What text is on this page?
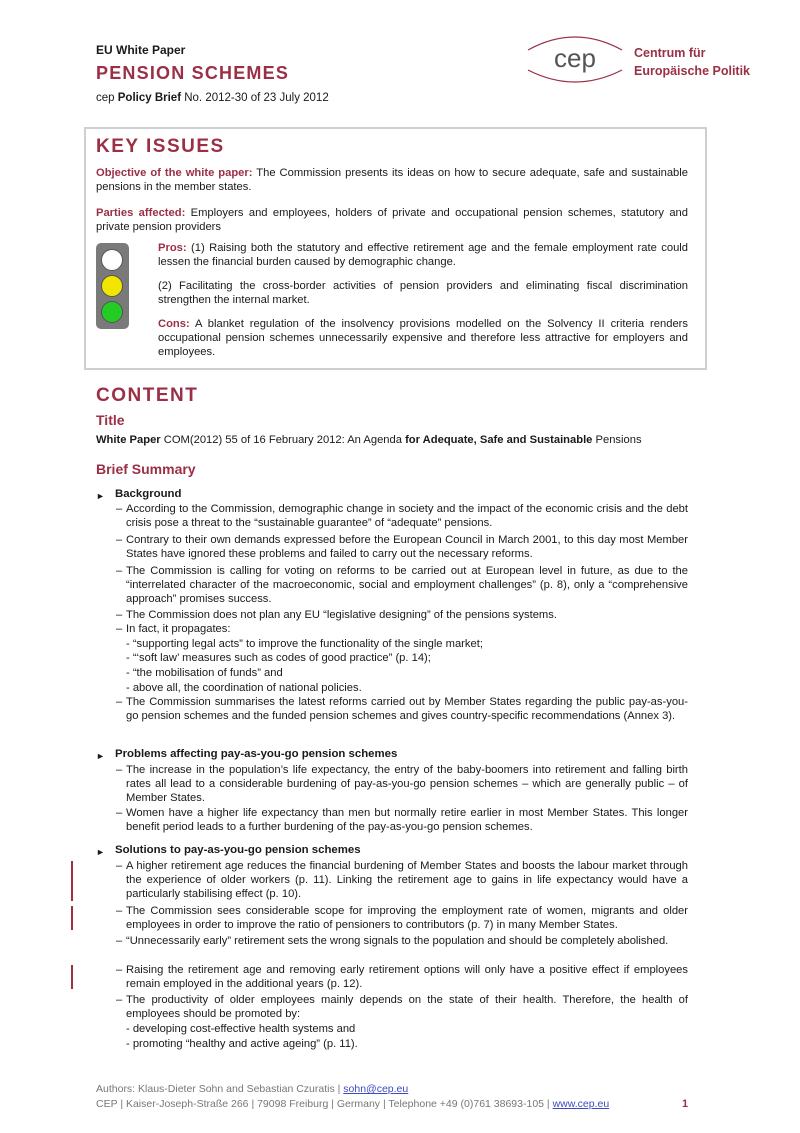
EU White Paper
PENSION SCHEMES
cep Policy Brief No. 2012-30 of 23 July 2012
cep	Centrum für
Europäische Politik
KEY ISSUES
Objective of the white paper: The Commission presents its ideas on how to secure adequate, safe and sustainable pensions in the member states.
Parties affected: Employers and employees, holders of private and occupational pension schemes, statutory and private pension providers
Pros: (1) Raising both the statutory and effective retirement age and the female employment rate could lessen the financial burden caused by demographic change.
(2) Facilitating the cross-border activities of pension providers and eliminating fiscal discrimination strengthen the internal market.
Cons: A blanket regulation of the insolvency provisions modelled on the Solvency II criteria renders occupational pension schemes unnecessarily expensive and therefore less attractive for employers and employees.
CONTENT
Title
White Paper COM(2012) 55 of 16 February 2012: An Agenda for Adequate, Safe and Sustainable Pensions
Brief Summary
► Background
– According to the Commission, demographic change in society and the impact of the economic crisis and the debt crisis pose a threat to the “sustainable guarantee” of “adequate” pensions.
– Contrary to their own demands expressed before the European Council in March 2001, to this day most Member States have ignored these problems and failed to carry out the necessary reforms.
– The Commission is calling for voting on reforms to be carried out at European level in future, as due to the “interrelated character of the macroeconomic, social and employment challenges” (p. 8), only a “comprehensive approach” promises success.
– The Commission does not plan any EU “legislative designing” of the pensions systems.
– In fact, it propagates:
- “supporting legal acts” to improve the functionality of the single market;
- “‘soft law’ measures such as codes of good practice” (p. 14);
- “the mobilisation of funds” and
- above all, the coordination of national policies.
– The Commission summarises the latest reforms carried out by Member States regarding the public pay-as-you-go pension schemes and the funded pension schemes and gives country-specific recommendations (Annex 3).
► Problems affecting pay-as-you-go pension schemes
– The increase in the population’s life expectancy, the entry of the baby-boomers into retirement and falling birth rates all lead to a considerable burdening of pay-as-you-go pension schemes – which are generally public – of Member States.
– Women have a higher life expectancy than men but normally retire earlier in most Member States. This longer benefit period leads to a further burdening of the pay-as-you-go pension schemes.
► Solutions to pay-as-you-go pension schemes
– A higher retirement age reduces the financial burdening of Member States and boosts the labour market through the experience of older workers (p. 11). Linking the retirement age to gains in life expectancy would have a particularly stabilising effect (p. 10).
– The Commission sees considerable scope for improving the employment rate of women, migrants and older employees in order to improve the ratio of pensioners to contributors (p. 7) in many Member States.
– “Unnecessarily early” retirement sets the wrong signals to the population and should be completely abolished.
– Raising the retirement age and removing early retirement options will only have a positive effect if employees remain employed in the additional years (p. 12).
– The productivity of older employees mainly depends on the state of their health. Therefore, the health of employees should be promoted by:
- developing cost-effective health systems and
- promoting “healthy and active ageing” (p. 11).
Authors: Klaus-Dieter Sohn and Sebastian Czuratis | sohn@cep.eu
CEP | Kaiser-Joseph-Straße 266 | 79098 Freiburg | Germany | Telephone +49 (0)761 38693-105 | www.cep.eu	1
